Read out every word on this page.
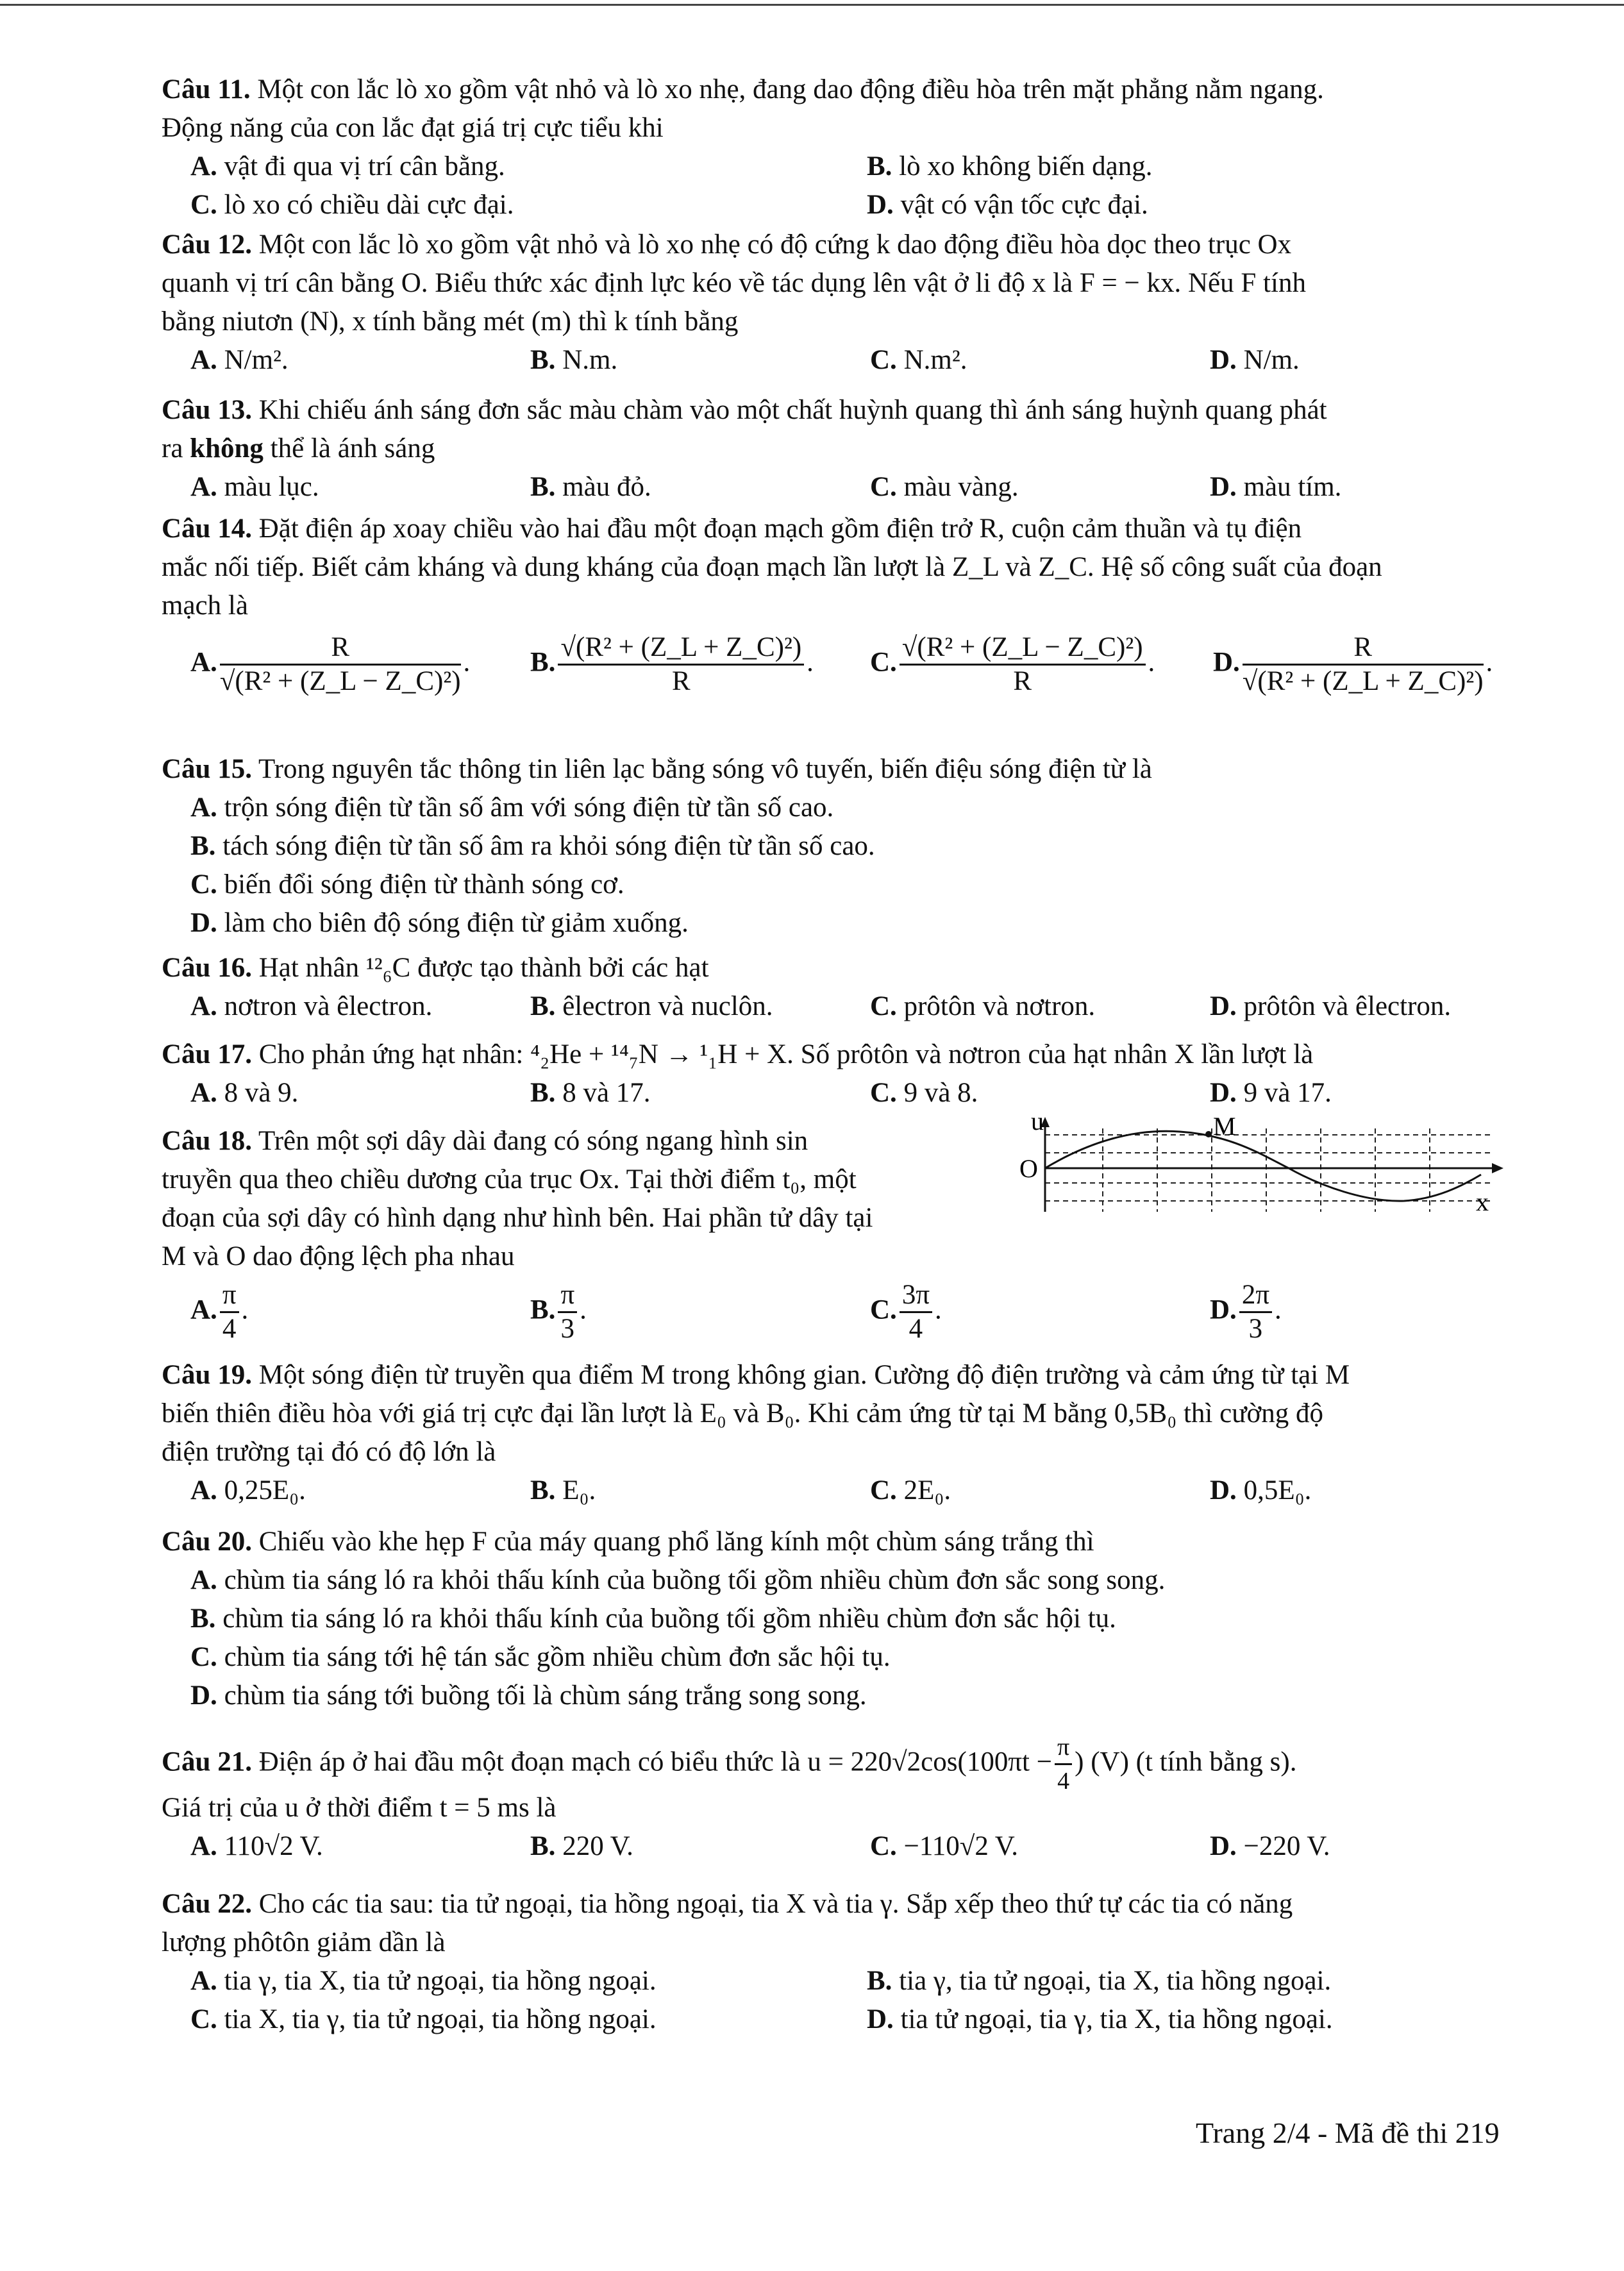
Câu 11. Một con lắc lò xo gồm vật nhỏ và lò xo nhẹ, đang dao động điều hòa trên mặt phẳng nằm ngang.

Động năng của con lắc đạt giá trị cực tiểu khi

A. vật đi qua vị trí cân bằng.	B. lò xo không biến dạng.
C. lò xo có chiều dài cực đại.	D. vật có vận tốc cực đại.

Câu 12. Một con lắc lò xo gồm vật nhỏ và lò xo nhẹ có độ cứng k dao động điều hòa dọc theo trục Ox

quanh vị trí cân bằng O. Biểu thức xác định lực kéo về tác dụng lên vật ở li độ x là F = − kx. Nếu F tính

bằng niutơn (N), x tính bằng mét (m) thì k tính bằng

A. N/m².	B. N.m.	C. N.m².	D. N/m.

Câu 13. Khi chiếu ánh sáng đơn sắc màu chàm vào một chất huỳnh quang thì ánh sáng huỳnh quang phát

ra không thể là ánh sáng

A. màu lục.	B. màu đỏ.	C. màu vàng.	D. màu tím.

Câu 14. Đặt điện áp xoay chiều vào hai đầu một đoạn mạch gồm điện trở R, cuộn cảm thuần và tụ điện

mắc nối tiếp. Biết cảm kháng và dung kháng của đoạn mạch lần lượt là Z_L và Z_C. Hệ số công suất của đoạn

mạch là

A. $\frac{R}{\text{√(R² + (Z\_L − Z\_C)²)}}$ . B. $\frac{\text{√(R² + (Z\_L + Z\_C)²)}}{R}$ . C. $\frac{\text{√(R² + (Z\_L − Z\_C)²)}}{R}$ . D. $\frac{R}{\text{√(R² + (Z\_L + Z\_C)²)}}$ .

Câu 15. Trong nguyên tắc thông tin liên lạc bằng sóng vô tuyến, biến điệu sóng điện từ là

A. trộn sóng điện từ tần số âm với sóng điện từ tần số cao.

B. tách sóng điện từ tần số âm ra khỏi sóng điện từ tần số cao.

C. biến đổi sóng điện từ thành sóng cơ.

D. làm cho biên độ sóng điện từ giảm xuống.

Câu 16. Hạt nhân ¹²₆C được tạo thành bởi các hạt

A. nơtron và êlectron.	B. êlectron và nuclôn.	C. prôtôn và nơtron.	D. prôtôn và êlectron.

Câu 17. Cho phản ứng hạt nhân: ⁴₂He + ¹⁴₇N → ¹₁H + X. Số prôtôn và nơtron của hạt nhân X lần lượt là

A. 8 và 9.	B. 8 và 17.	C. 9 và 8.	D. 9 và 17.

Câu 18. Trên một sợi dây dài đang có sóng ngang hình sin

truyền qua theo chiều dương của trục Ox. Tại thời điểm t₀, một

đoạn của sợi dây có hình dạng như hình bên. Hai phần tử dây tại

M và O dao động lệch pha nhau

A. $\frac{\pi}{4}$ .	B. $\frac{\pi}{3}$ .	C. $\frac{3\pi}{4}$ .	D. $\frac{2\pi}{3}$ .
u
O
M
x

Câu 19. Một sóng điện từ truyền qua điểm M trong không gian. Cường độ điện trường và cảm ứng từ tại M

biến thiên điều hòa với giá trị cực đại lần lượt là E₀ và B₀. Khi cảm ứng từ tại M bằng 0,5B₀ thì cường độ

điện trường tại đó có độ lớn là

A. 0,25E₀.	B. E₀.	C. 2E₀.	D. 0,5E₀.

Câu 20. Chiếu vào khe hẹp F của máy quang phổ lăng kính một chùm sáng trắng thì

A. chùm tia sáng ló ra khỏi thấu kính của buồng tối gồm nhiều chùm đơn sắc song song.

B. chùm tia sáng ló ra khỏi thấu kính của buồng tối gồm nhiều chùm đơn sắc hội tụ.

C. chùm tia sáng tới hệ tán sắc gồm nhiều chùm đơn sắc hội tụ.

D. chùm tia sáng tới buồng tối là chùm sáng trắng song song.

Câu 21. Điện áp ở hai đầu một đoạn mạch có biểu thức là $u = 220√2\cos(100\pi t - \frac{\pi}{4}$ ) (V) (t tính bằng s).

Giá trị của u ở thời điểm t = 5 ms là

A. 110√2 V.	B. 220 V.	C. −110√2 V.	D. −220 V.

Câu 22. Cho các tia sau: tia tử ngoại, tia hồng ngoại, tia X và tia γ. Sắp xếp theo thứ tự các tia có năng

lượng phôtôn giảm dần là

A. tia γ, tia X, tia tử ngoại, tia hồng ngoại.	B. tia γ, tia tử ngoại, tia X, tia hồng ngoại.
C. tia X, tia γ, tia tử ngoại, tia hồng ngoại.	D. tia tử ngoại, tia γ, tia X, tia hồng ngoại.
Trang 2/4 - Mã đề thi 219
